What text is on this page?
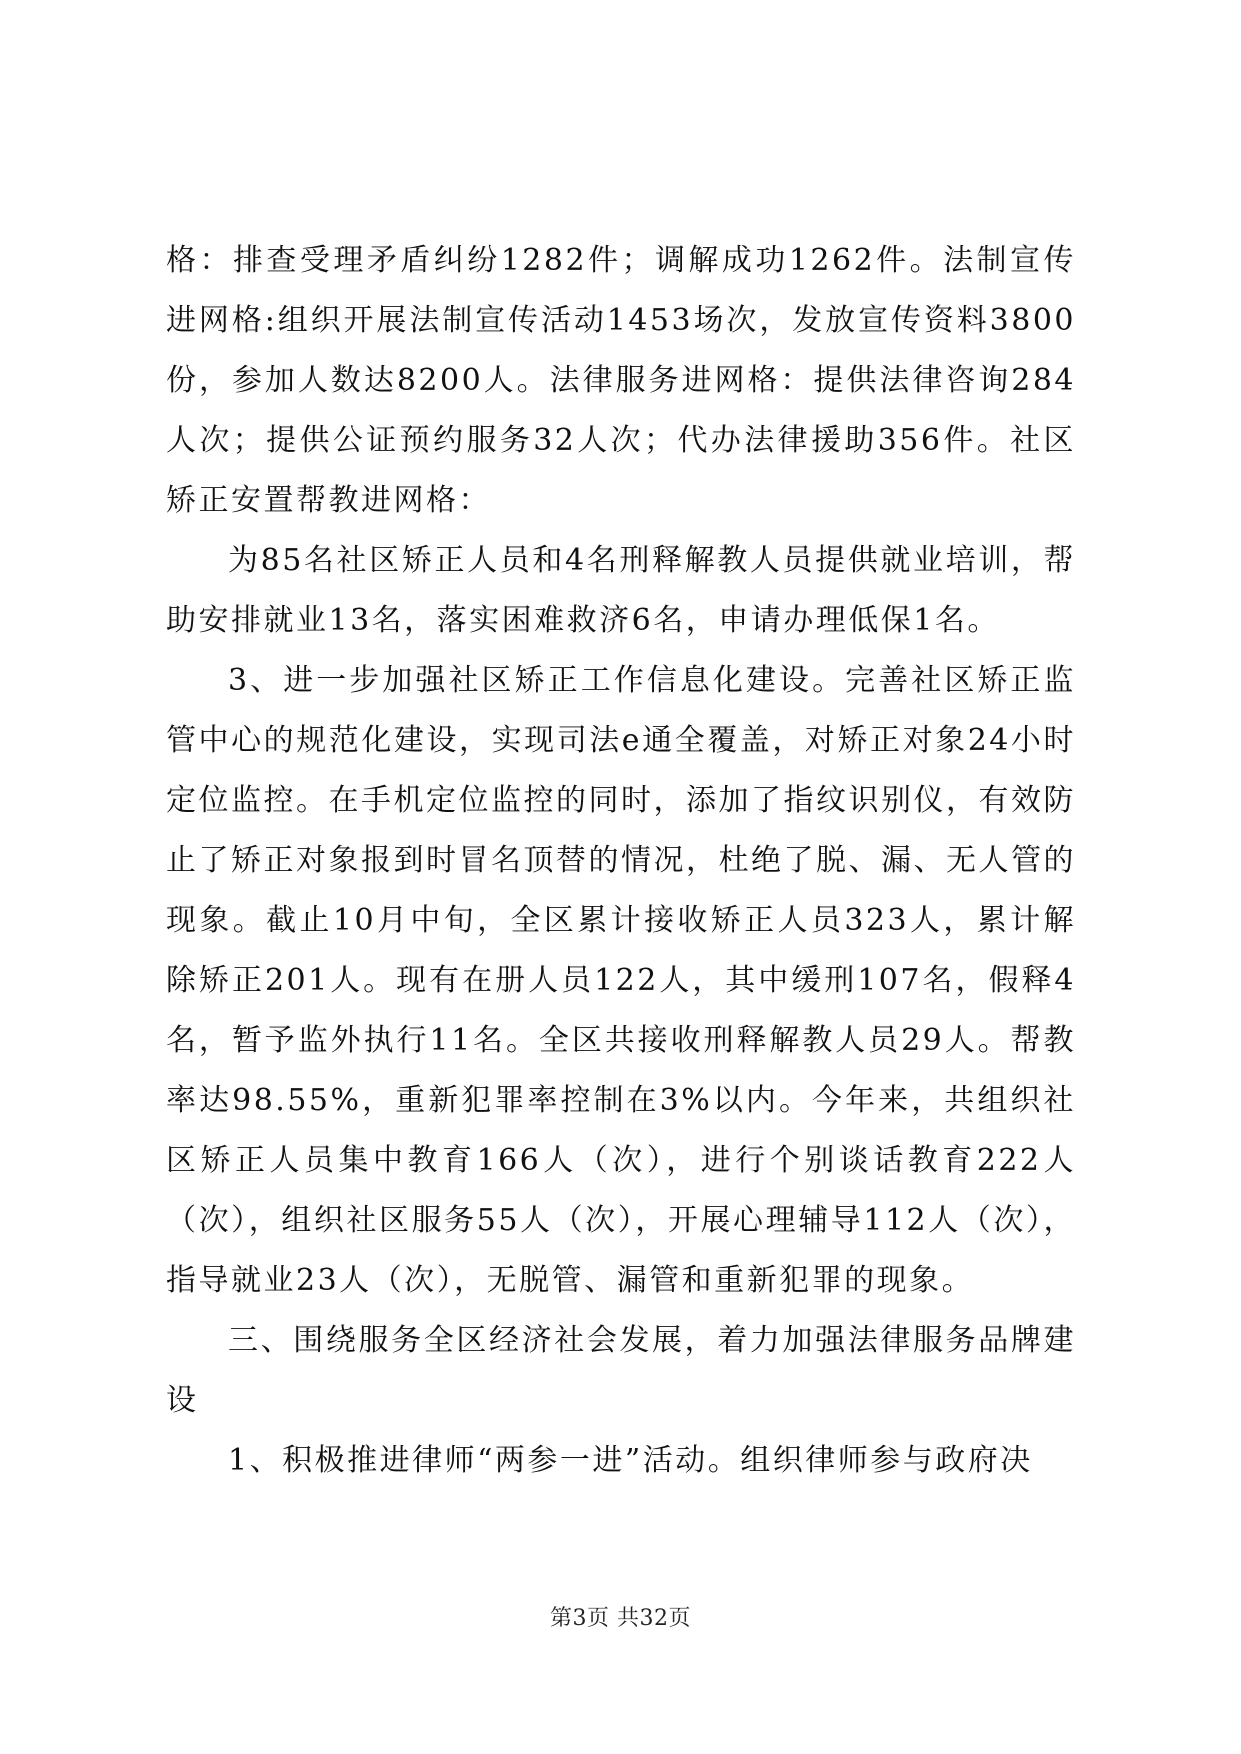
格：排查受理矛盾纠纷1282件；调解成功1262件。法制宣传进网格:组织开展法制宣传活动1453场次，发放宣传资料3800份，参加人数达8200人。法律服务进网格：提供法律咨询284人次；提供公证预约服务32人次；代办法律援助356件。社区矫正安置帮教进网格：

为85名社区矫正人员和4名刑释解教人员提供就业培训，帮助安排就业13名，落实困难救济6名，申请办理低保1名。

3、进一步加强社区矫正工作信息化建设。完善社区矫正监管中心的规范化建设，实现司法e通全覆盖，对矫正对象24小时定位监控。在手机定位监控的同时，添加了指纹识别仪，有效防止了矫正对象报到时冒名顶替的情况，杜绝了脱、漏、无人管的现象。截止10月中旬，全区累计接收矫正人员323人，累计解除矫正201人。现有在册人员122人，其中缓刑107名，假释4名，暂予监外执行11名。全区共接收刑释解教人员29人。帮教率达98.55%，重新犯罪率控制在3%以内。今年来，共组织社区矫正人员集中教育166人（次），进行个别谈话教育222人（次），组织社区服务55人（次），开展心理辅导112人（次），指导就业23人（次），无脱管、漏管和重新犯罪的现象。

三、围绕服务全区经济社会发展，着力加强法律服务品牌建设

1、积极推进律师“两参一进”活动。组织律师参与政府决

第3页 共32页
